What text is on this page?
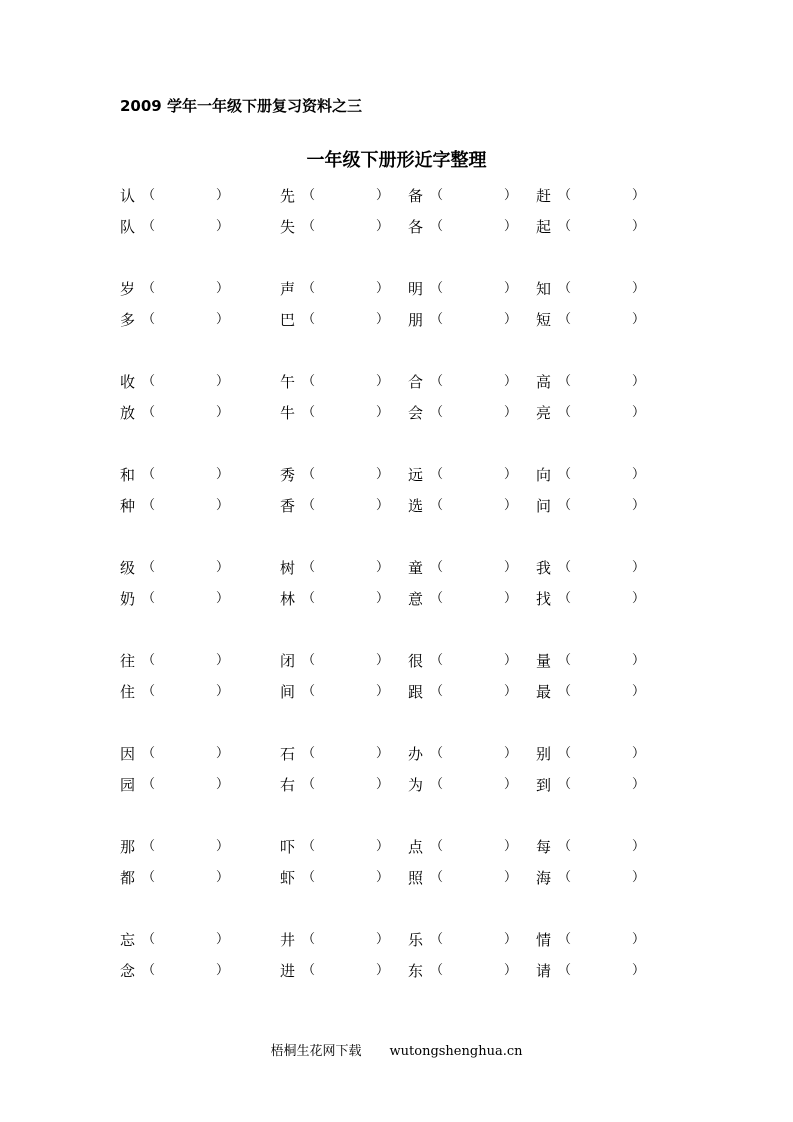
2009 学年一年级下册复习资料之三
一年级下册形近字整理
认 （	）	先 （	） 备 （	） 赶 （	）
队 （	）	失 （	） 各 （	） 起 （	）
岁 （	）	声 （	） 明 （	） 知 （	）
多 （	）	巴 （	） 朋 （	） 短 （	）
收 （	）	午 （	） 合 （	） 高 （	）
放 （	）	牛 （	） 会 （	） 亮 （	）
和 （	）	秀 （	） 远 （	） 向 （	）
种 （	）	香 （	） 选 （	） 问 （	）
级 （	）	树 （	） 童 （	） 我 （	）
奶 （	）	林 （	） 意 （	） 找 （	）
往 （	）	闭 （	） 很 （	） 量 （	）
住 （	）	间 （	） 跟 （	） 最 （	）
因 （	）	石 （	） 办 （	） 别 （	）
园 （	）	右 （	） 为 （	） 到 （	）
那 （	）	吓 （	） 点 （	） 每 （	）
都 （	）	虾 （	） 照 （	） 海 （	）
忘 （	）	井 （	） 乐 （	） 情 （	）
念 （	）	进 （	） 东 （	） 请 （	）
梧桐生花网下载 wutongshenghua.cn
